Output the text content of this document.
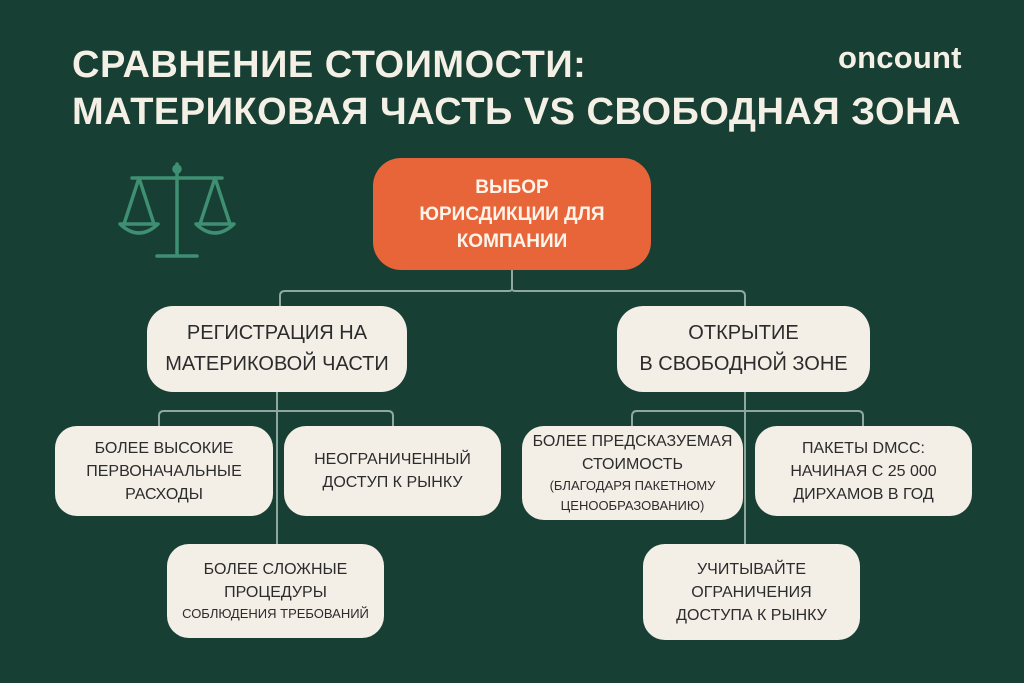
СРАВНЕНИЕ СТОИМОСТИ:
МАТЕРИКОВАЯ ЧАСТЬ VS СВОБОДНАЯ ЗОНА
oncount
ВЫБОР
ЮРИСДИКЦИИ ДЛЯ
КОМПАНИИ
РЕГИСТРАЦИЯ НА
МАТЕРИКОВОЙ ЧАСТИ
ОТКРЫТИЕ
В СВОБОДНОЙ ЗОНЕ
БОЛЕЕ ВЫСОКИЕ
ПЕРВОНАЧАЛЬНЫЕ
РАСХОДЫ
НЕОГРАНИЧЕННЫЙ
ДОСТУП К РЫНКУ
БОЛЕЕ СЛОЖНЫЕ
ПРОЦЕДУРЫ
СОБЛЮДЕНИЯ ТРЕБОВАНИЙ
БОЛЕЕ ПРЕДСКАЗУЕМАЯ
СТОИМОСТЬ
(БЛАГОДАРЯ ПАКЕТНОМУ
ЦЕНООБРАЗОВАНИЮ)
ПАКЕТЫ DMCC:
НАЧИНАЯ С 25 000
ДИРХАМОВ В ГОД
УЧИТЫВАЙТЕ
ОГРАНИЧЕНИЯ
ДОСТУПА К РЫНКУ
